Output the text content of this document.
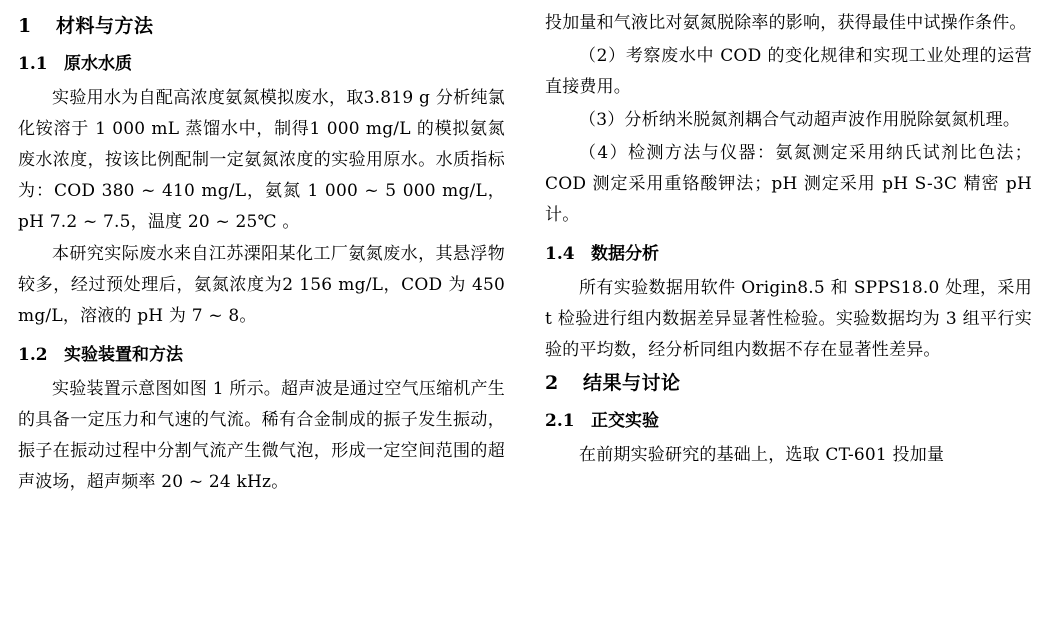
1 材料与方法
1.1 原水水质

实验用水为自配高浓度氨氮模拟废水，取3.819 g 分析纯氯化铵溶于 1 000 mL 蒸馏水中，制得1 000 mg/L 的模拟氨氮废水浓度，按该比例配制一定氨氮浓度的实验用原水。水质指标为：COD 380 ~ 410 mg/L，氨氮 1 000 ~ 5 000 mg/L，pH 7.2 ~ 7.5，温度 20 ~ 25℃ 。

本研究实际废水来自江苏溧阳某化工厂氨氮废水，其悬浮物较多，经过预处理后，氨氮浓度为2 156 mg/L，COD 为 450 mg/L，溶液的 pH 为 7 ~ 8。

1.2 实验装置和方法

实验装置示意图如图 1 所示。超声波是通过空气压缩机产生的具备一定压力和气速的气流。稀有合金制成的振子发生振动，振子在振动过程中分割气流产生微气泡，形成一定空间范围的超声波场，超声频率 20 ~ 24 kHz。

投加量和气液比对氨氮脱除率的影响，获得最佳中试操作条件。

（2）考察废水中 COD 的变化规律和实现工业处理的运营直接费用。

（3）分析纳米脱氮剂耦合气动超声波作用脱除氨氮机理。

（4）检测方法与仪器：氨氮测定采用纳氏试剂比色法；COD 测定采用重铬酸钾法；pH 测定采用 pH S-3C 精密 pH 计。

1.4 数据分析

所有实验数据用软件 Origin8.5 和 SPPS18.0 处理，采用 t 检验进行组内数据差异显著性检验。实验数据均为 3 组平行实验的平均数，经分析同组内数据不存在显著性差异。

2 结果与讨论
2.1 正交实验

在前期实验研究的基础上，选取 CT-601 投加量
